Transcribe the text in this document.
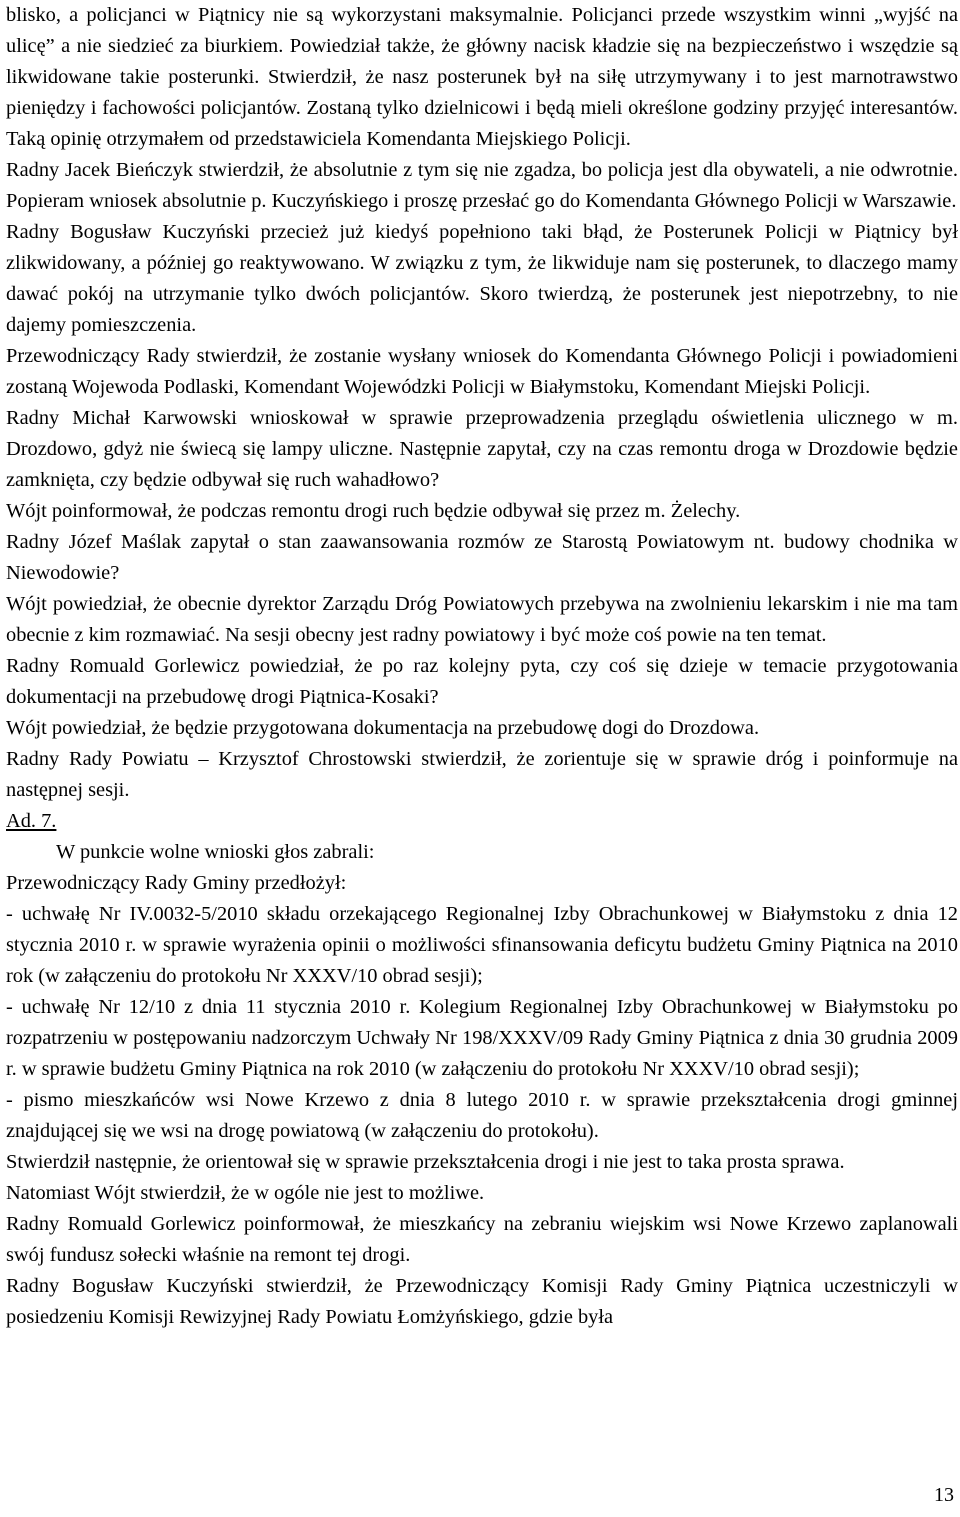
blisko, a policjanci w Piątnicy nie są wykorzystani maksymalnie. Policjanci przede wszystkim winni „wyjść na ulicę” a nie siedzieć za biurkiem. Powiedział także, że główny nacisk kładzie się na bezpieczeństwo i wszędzie są likwidowane takie posterunki. Stwierdził, że nasz posterunek był na siłę utrzymywany i to jest marnotrawstwo pieniędzy i fachowości policjantów. Zostaną tylko dzielnicowi i będą mieli określone godziny przyjęć interesantów. Taką opinię otrzymałem od przedstawiciela Komendanta Miejskiego Policji.

Radny Jacek Bieńczyk stwierdził, że absolutnie z tym się nie zgadza, bo policja jest dla obywateli, a nie odwrotnie. Popieram wniosek absolutnie p. Kuczyńskiego i proszę przesłać go do Komendanta Głównego Policji w Warszawie.

Radny Bogusław Kuczyński przecież już kiedyś popełniono taki błąd, że Posterunek Policji w Piątnicy był zlikwidowany, a później go reaktywowano. W związku z tym, że likwiduje nam się posterunek, to dlaczego mamy dawać pokój na utrzymanie tylko dwóch policjantów. Skoro twierdzą, że posterunek jest niepotrzebny, to nie dajemy pomieszczenia.

Przewodniczący Rady stwierdził, że zostanie wysłany wniosek do Komendanta Głównego Policji i powiadomieni zostaną Wojewoda Podlaski, Komendant Wojewódzki Policji w Białymstoku, Komendant Miejski Policji.

Radny Michał Karwowski wnioskował w sprawie przeprowadzenia przeglądu oświetlenia ulicznego w m. Drozdowo, gdyż nie świecą się lampy uliczne. Następnie zapytał, czy na czas remontu droga w Drozdowie będzie zamknięta, czy będzie odbywał się ruch wahadłowo?

Wójt poinformował, że podczas remontu drogi ruch będzie odbywał się przez m. Żelechy.

Radny Józef Maślak zapytał o stan zaawansowania rozmów ze Starostą Powiatowym nt. budowy chodnika w Niewodowie?

Wójt powiedział, że obecnie dyrektor Zarządu Dróg Powiatowych przebywa na zwolnieniu lekarskim i nie ma tam obecnie z kim rozmawiać. Na sesji obecny jest radny powiatowy i być może coś powie na ten temat.

Radny Romuald Gorlewicz powiedział, że po raz kolejny pyta, czy coś się dzieje w temacie przygotowania dokumentacji na przebudowę drogi Piątnica-Kosaki?

Wójt powiedział, że będzie przygotowana dokumentacja na przebudowę dogi do Drozdowa.

Radny Rady Powiatu – Krzysztof Chrostowski stwierdził, że zorientuje się w sprawie dróg i poinformuje na następnej sesji.

Ad. 7.

W punkcie wolne wnioski głos zabrali:

Przewodniczący Rady Gminy przedłożył:

- uchwałę Nr IV.0032-5/2010 składu orzekającego Regionalnej Izby Obrachunkowej w Białymstoku z dnia 12 stycznia 2010 r. w sprawie wyrażenia opinii o możliwości sfinansowania deficytu budżetu Gminy Piątnica na 2010 rok (w załączeniu do protokołu Nr XXXV/10 obrad sesji);

- uchwałę Nr 12/10 z dnia 11 stycznia 2010 r. Kolegium Regionalnej Izby Obrachunkowej w Białymstoku po rozpatrzeniu w postępowaniu nadzorczym Uchwały Nr 198/XXXV/09 Rady Gminy Piątnica z dnia 30 grudnia 2009 r. w sprawie budżetu Gminy Piątnica na rok 2010 (w załączeniu do protokołu Nr XXXV/10 obrad sesji);

- pismo mieszkańców wsi Nowe Krzewo z dnia 8 lutego 2010 r. w sprawie przekształcenia drogi gminnej znajdującej się we wsi na drogę powiatową (w załączeniu do protokołu).

Stwierdził następnie, że orientował się w sprawie przekształcenia drogi i nie jest to taka prosta sprawa.

Natomiast Wójt stwierdził, że w ogóle nie jest to możliwe.

Radny Romuald Gorlewicz poinformował, że mieszkańcy na zebraniu wiejskim wsi Nowe Krzewo zaplanowali swój fundusz sołecki właśnie na remont tej drogi.

Radny Bogusław Kuczyński stwierdził, że Przewodniczący Komisji Rady Gminy Piątnica uczestniczyli w posiedzeniu Komisji Rewizyjnej Rady Powiatu Łomżyńskiego, gdzie była

13
